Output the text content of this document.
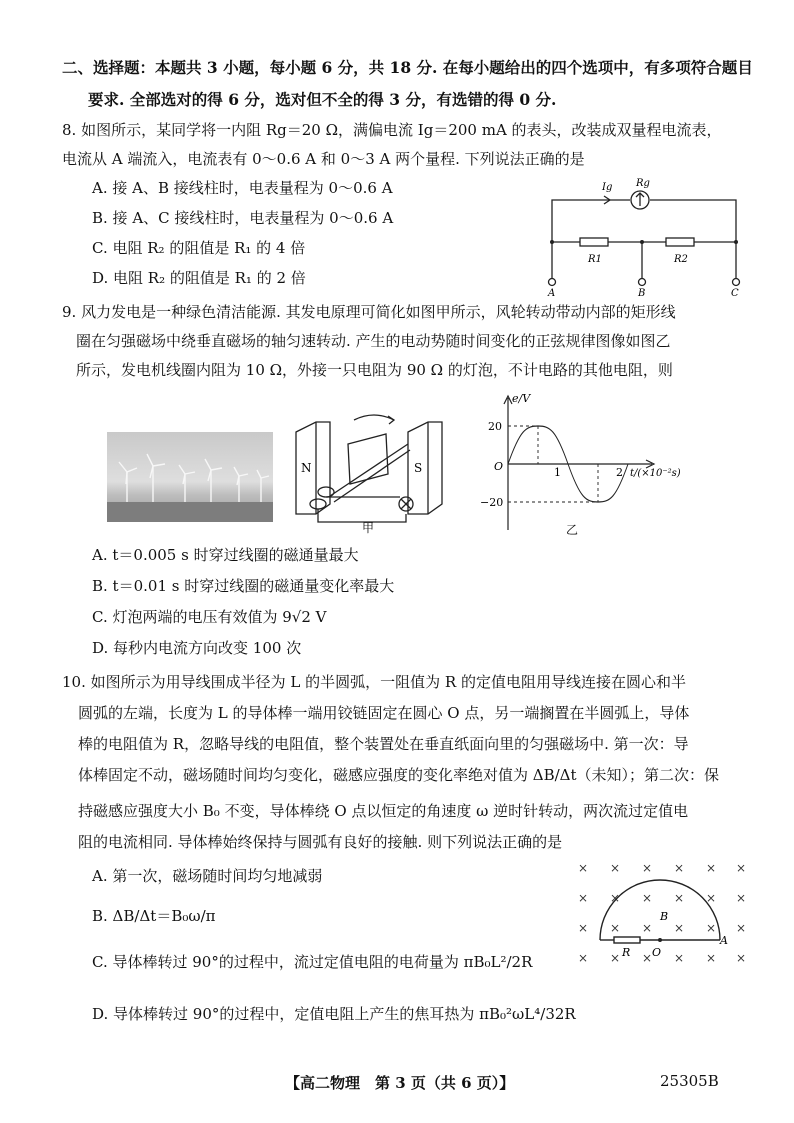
二、选择题：本题共 3 小题，每小题 6 分，共 18 分. 在每小题给出的四个选项中，有多项符合题目
要求. 全部选对的得 6 分，选对但不全的得 3 分，有选错的得 0 分.
8. 如图所示，某同学将一内阻 Rg＝20 Ω，满偏电流 Ig＝200 mA 的表头，改装成双量程电流表，
电流从 A 端流入，电流表有 0～0.6 A 和 0～3 A 两个量程. 下列说法正确的是
A. 接 A、B 接线柱时，电表量程为 0～0.6 A
B. 接 A、C 接线柱时，电表量程为 0～0.6 A
C. 电阻 R₂ 的阻值是 R₁ 的 4 倍
D. 电阻 R₂ 的阻值是 R₁ 的 2 倍
Ig Rg
R1	R2
A	B	C
9. 风力发电是一种绿色清洁能源. 其发电原理可简化如图甲所示，风轮转动带动内部的矩形线
圈在匀强磁场中绕垂直磁场的轴匀速转动. 产生的电动势随时间变化的正弦规律图像如图乙
所示，发电机线圈内阻为 10 Ω，外接一只电阻为 90 Ω 的灯泡，不计电路的其他电阻，则
N	S
甲
e/V
20
O
−20
1	2 t/(×10⁻²s)
乙
A. t＝0.005 s 时穿过线圈的磁通量最大
B. t＝0.01 s 时穿过线圈的磁通量变化率最大
C. 灯泡两端的电压有效值为 9√2 V
D. 每秒内电流方向改变 100 次
10. 如图所示为用导线围成半径为 L 的半圆弧，一阻值为 R 的定值电阻用导线连接在圆心和半
圆弧的左端，长度为 L 的导体棒一端用铰链固定在圆心 O 点，另一端搁置在半圆弧上，导体
棒的电阻值为 R，忽略导线的电阻值，整个装置处在垂直纸面向里的匀强磁场中. 第一次：导
体棒固定不动，磁场随时间均匀变化，磁感应强度的变化率绝对值为 ΔB/Δt（未知）；第二次：保
持磁感应强度大小 B₀ 不变，导体棒绕 O 点以恒定的角速度 ω 逆时针转动，两次流过定值电
阻的电流相同. 导体棒始终保持与圆弧有良好的接触. 则下列说法正确的是
A. 第一次，磁场随时间均匀地减弱
B. ΔB/Δt＝B₀ω/π
C. 导体棒转过 90°的过程中，流过定值电阻的电荷量为 πB₀L²/2R
D. 导体棒转过 90°的过程中，定值电阻上产生的焦耳热为 πB₀²ωL⁴/32R
× × × × × ×
× × × × × ×
× × × × × ×
× × × × × ×
B
R O
A
【高二物理　第 3 页（共 6 页）】	25305B
